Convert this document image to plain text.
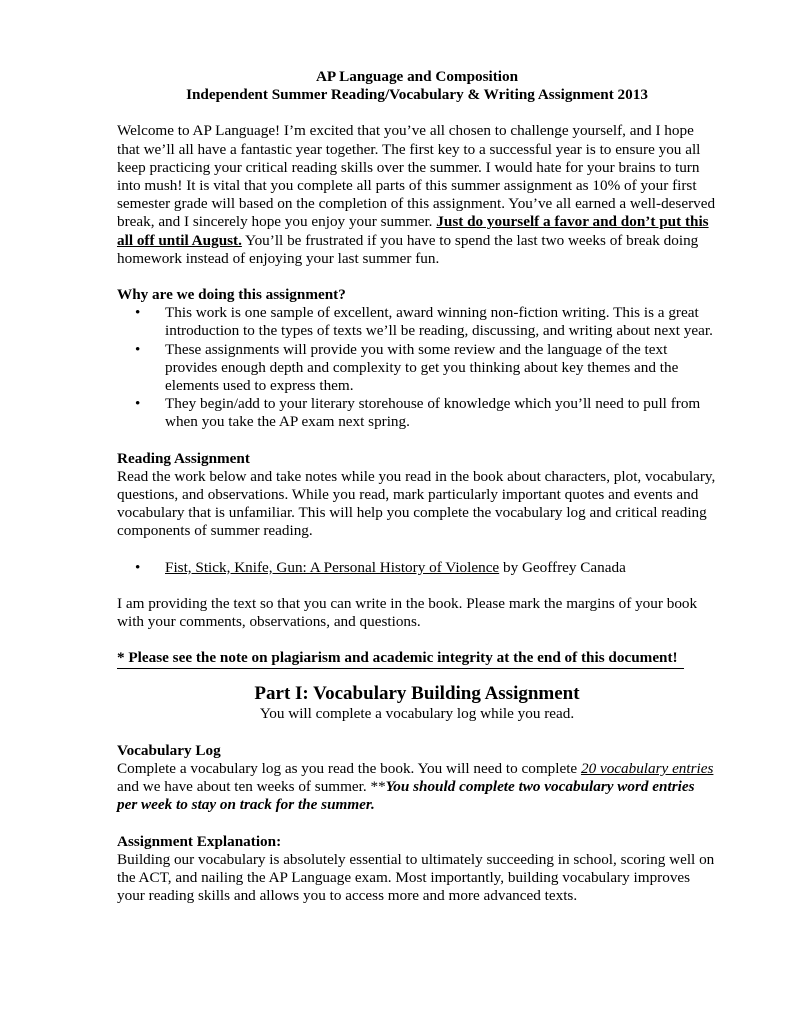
AP Language and Composition

Independent Summer Reading/Vocabulary & Writing Assignment 2013

Welcome to AP Language! I’m excited that you’ve all chosen to challenge yourself, and I hope that we’ll all have a fantastic year together. The first key to a successful year is to ensure you all keep practicing your critical reading skills over the summer. I would hate for your brains to turn into mush! It is vital that you complete all parts of this summer assignment as 10% of your first semester grade will based on the completion of this assignment. You’ve all earned a well-deserved break, and I sincerely hope you enjoy your summer. Just do yourself a favor and don’t put this all off until August. You’ll be frustrated if you have to spend the last two weeks of break doing homework instead of enjoying your last summer fun.

Why are we doing this assignment?

•	This work is one sample of excellent, award winning non-fiction writing. This is a great introduction to the types of texts we’ll be reading, discussing, and writing about next year.
•	These assignments will provide you with some review and the language of the text provides enough depth and complexity to get you thinking about key themes and the elements used to express them.
•	They begin/add to your literary storehouse of knowledge which you’ll need to pull from when you take the AP exam next spring.

Reading Assignment

Read the work below and take notes while you read in the book about characters, plot, vocabulary, questions, and observations. While you read, mark particularly important quotes and events and vocabulary that is unfamiliar. This will help you complete the vocabulary log and critical reading components of summer reading.

•	Fist, Stick, Knife, Gun: A Personal History of Violence by Geoffrey Canada

I am providing the text so that you can write in the book. Please mark the margins of your book with your comments, observations, and questions.

* Please see the note on plagiarism and academic integrity at the end of this document!

Part I: Vocabulary Building Assignment

You will complete a vocabulary log while you read.

Vocabulary Log

Complete a vocabulary log as you read the book. You will need to complete 20 vocabulary entries and we have about ten weeks of summer. **You should complete two vocabulary word entries per week to stay on track for the summer.

Assignment Explanation:

Building our vocabulary is absolutely essential to ultimately succeeding in school, scoring well on the ACT, and nailing the AP Language exam. Most importantly, building vocabulary improves your reading skills and allows you to access more and more advanced texts.
